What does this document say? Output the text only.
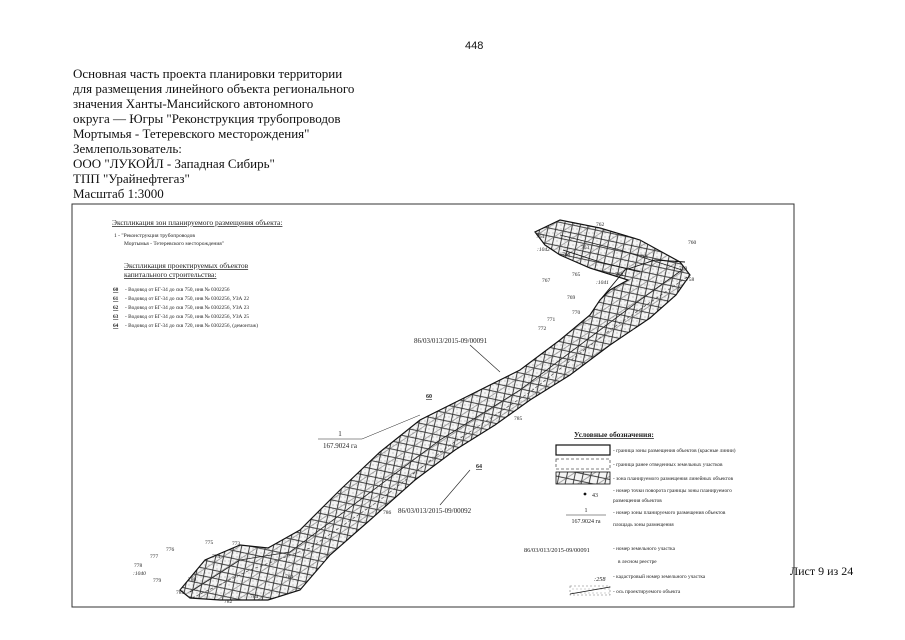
448
Основная часть проекта планировки территории
для размещения линейного объекта регионального
значения Ханты-Мансийского автономного
округа — Югры "Реконструкция трубопроводов
Мортымья - Тетеревского месторождения"
Землепользователь:
ООО "ЛУКОЙЛ - Западная Сибирь"
ТПП "Урайнефтегаз"
Масштаб 1:3000
Лист 9 из 24
762
764
760
759
758
767
765
763
766	761
768
769
770
771
772
773
775
776
777
778
779	780
781
782
783
784
785
786
774
:1042
:1041
:1040
86/03/013/2015-09/00091
86/03/013/2015-09/00092
1
167.9024 га
60
64
Экспликация зон планируемого размещения объекта:
1 - "Реконструкция трубопроводов
Мортымья - Тетеревского месторождения"
Экспликация проектируемых объектов
капитального строительства:
60 - Водовод от БГ-34 до скв 750, инв № 0302256
61 - Водовод от БГ-34 до скв 750, инв № 0302256, УЗА 22
62 - Водовод от БГ-34 до скв 750, инв № 0302256, УЗА 23
63 - Водовод от БГ-34 до скв 750, инв № 0302256, УЗА 25
64 - Водовод от БГ-34 до скв 720, инв № 0302256, (демонтаж)
Условные обозначения:
- граница зоны размещения объектов (красные линии)
- граница ранее отведенных земельных участков
- зона планируемого размещения линейных объектов
43
- номер точки поворота границы зоны планируемого
размещения объектов
1
167.9024 га
- номер зоны планируемого размещения объектов
площадь зоны размещения
86/03/013/2015-09/00091	- номер земельного участка
в лесном реестре
:258 - кадастровый номер земельного участка
- ось проектируемого объекта
